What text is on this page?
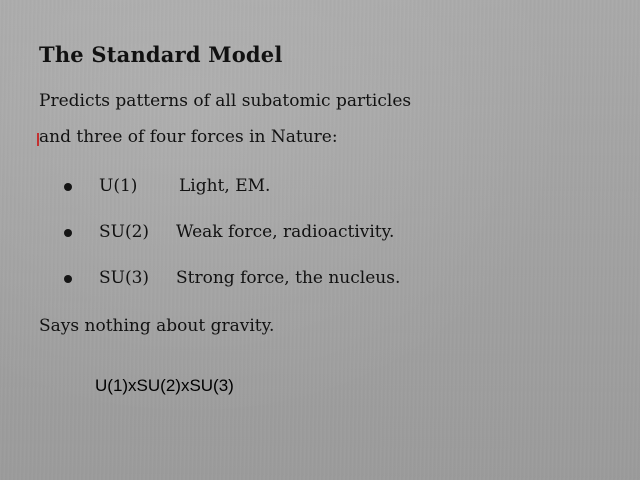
The Standard Model
Predicts patterns of all subatomic particles
and three of four forces in Nature:
U(1) Light, EM.
SU(2) Weak force, radioactivity.
SU(3) Strong force, the nucleus.
Says nothing about gravity.
U(1)xSU(2)xSU(3)
